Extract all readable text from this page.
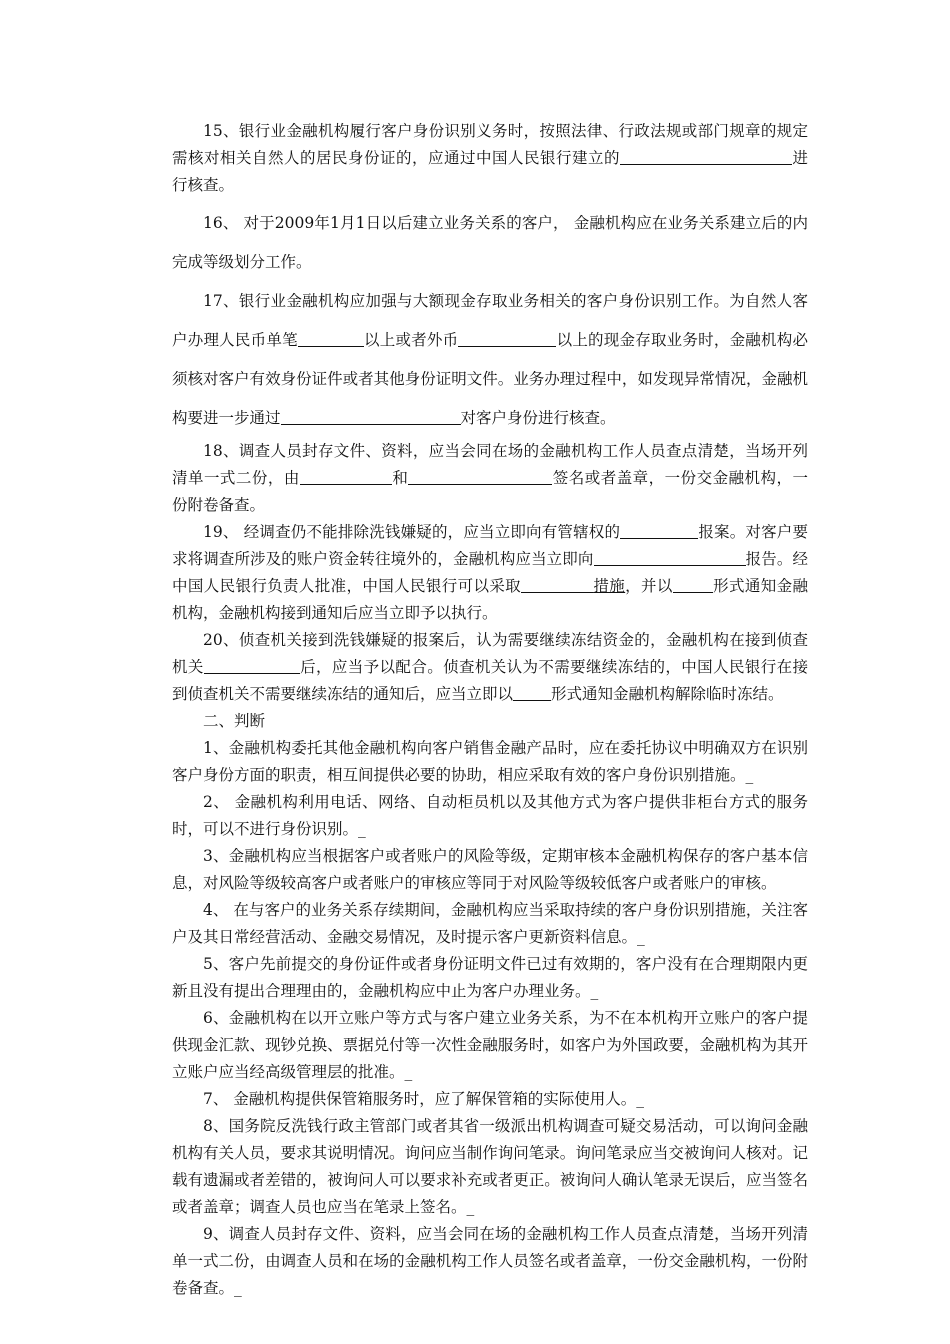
15、银行业金融机构履行客户身份识别义务时，按照法律、行政法规或部门规章的规定需核对相关自然人的居民身份证的，应通过中国人民银行建立的	进行核查。

16、 对于2009年1月1日以后建立业务关系的客户， 金融机构应在业务关系建立后的内完成等级划分工作。

17、银行业金融机构应加强与大额现金存取业务相关的客户身份识别工作。为自然人客户办理人民币单笔	以上或者外币	以上的现金存取业务时，金融机构必须核对客户有效身份证件或者其他身份证明文件。业务办理过程中，如发现异常情况，金融机构要进一步通过	对客户身份进行核查。

18、调查人员封存文件、资料，应当会同在场的金融机构工作人员查点清楚，当场开列清单一式二份，由	和	签名或者盖章，一份交金融机构，一份附卷备查。

19、 经调查仍不能排除洗钱嫌疑的，应当立即向有管辖权的	报案。对客户要求将调查所涉及的账户资金转往境外的，金融机构应当立即向	报告。经中国人民银行负责人批准，中国人民银行可以采取	措施，并以	形式通知金融机构，金融机构接到通知后应当立即予以执行。

20、侦查机关接到洗钱嫌疑的报案后，认为需要继续冻结资金的，金融机构在接到侦查机关	后，应当予以配合。侦查机关认为不需要继续冻结的，中国人民银行在接到侦查机关不需要继续冻结的通知后，应当立即以 形式通知金融机构解除临时冻结。

二、判断

1、金融机构委托其他金融机构向客户销售金融产品时，应在委托协议中明确双方在识别客户身份方面的职责，相互间提供必要的协助，相应采取有效的客户身份识别措施。_

2、 金融机构利用电话、网络、自动柜员机以及其他方式为客户提供非柜台方式的服务时，可以不进行身份识别。_

3、金融机构应当根据客户或者账户的风险等级，定期审核本金融机构保存的客户基本信息，对风险等级较高客户或者账户的审核应等同于对风险等级较低客户或者账户的审核。

4、 在与客户的业务关系存续期间，金融机构应当采取持续的客户身份识别措施，关注客户及其日常经营活动、金融交易情况，及时提示客户更新资料信息。_

5、客户先前提交的身份证件或者身份证明文件已过有效期的，客户没有在合理期限内更新且没有提出合理理由的，金融机构应中止为客户办理业务。_

6、金融机构在以开立账户等方式与客户建立业务关系，为不在本机构开立账户的客户提供现金汇款、现钞兑换、票据兑付等一次性金融服务时，如客户为外国政要，金融机构为其开立账户应当经高级管理层的批准。_

7、 金融机构提供保管箱服务时，应了解保管箱的实际使用人。_

8、国务院反洗钱行政主管部门或者其省一级派出机构调查可疑交易活动，可以询问金融机构有关人员，要求其说明情况。询问应当制作询问笔录。询问笔录应当交被询问人核对。记载有遗漏或者差错的，被询问人可以要求补充或者更正。被询问人确认笔录无误后，应当签名或者盖章；调查人员也应当在笔录上签名。_

9、调查人员封存文件、资料，应当会同在场的金融机构工作人员查点清楚，当场开列清单一式二份，由调查人员和在场的金融机构工作人员签名或者盖章，一份交金融机构，一份附卷备查。_
